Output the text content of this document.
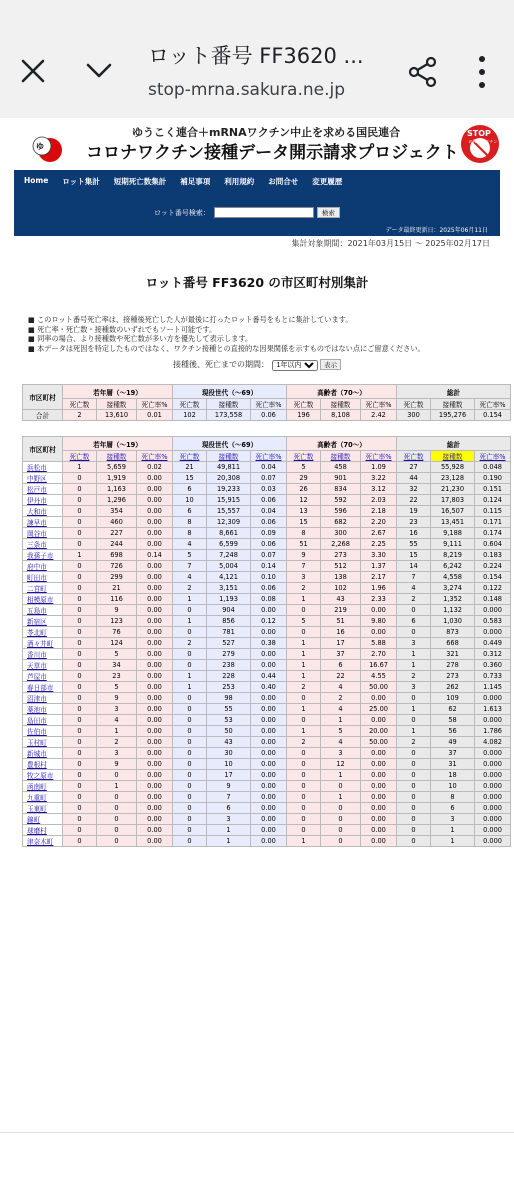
ロット番号 FF3620 ...
stop-mrna.sakura.ne.jp
ゆ
ゆうこく連合＋mRNAワクチン中止を求める国民連合
コロナワクチン接種データ開示請求プロジェクト
STOP
mRNAワクチン
Home ロット集計 短期死亡数集計 補足事項 利用規約 お問合せ 変更履歴
ロット番号検索：	検索
データ最終更新日：2025年06月11日
集計対象期間：2021年03月15日 〜 2025年02月17日
ロット番号 FF3620 の市区町村別集計
■ このロット番号死亡率は、接種後死亡した人が最後に打ったロット番号をもとに集計しています。
■ 死亡率・死亡数・接種数のいずれでもソート可能です。
■ 同率の場合、より接種数や死亡数が多い方を優先して表示します。
■ 本データは死因を特定したものではなく、ワクチン接種との直接的な因果関係を示すものではない点にご留意ください。
接種後、死亡までの期間：
1年以内	表示
市区町村	若年層（〜19）			現役世代（〜69）			高齢者（70〜）			総計		
	死亡数	接種数	死亡率%	死亡数	接種数	死亡率%	死亡数	接種数	死亡率%	死亡数	接種数	死亡率%
合計	2	13,610	0.01	102	173,558	0.06	196	8,108	2.42	300	195,276	0.154
市区町村	若年層（〜19）			現役世代（〜69）			高齢者（70〜）			総計		
	死亡数	接種数	死亡率%	死亡数	接種数	死亡率%	死亡数	接種数	死亡率%	死亡数	接種数	死亡率%
浜松市	1	5,659	0.02	21	49,811	0.04	5	458	1.09	27	55,928	0.048
中野区	0	1,919	0.00	15	20,308	0.07	29	901	3.22	44	23,128	0.190
松戸市	0	1,163	0.00	6	19,233	0.03	26	834	3.12	32	21,230	0.151
伊丹市	0	1,296	0.00	10	15,915	0.06	12	592	2.03	22	17,803	0.124
大和市	0	354	0.00	6	15,557	0.04	13	596	2.18	19	16,507	0.115
諫早市	0	460	0.00	8	12,309	0.06	15	682	2.20	23	13,451	0.171
岡谷市	0	227	0.00	8	8,661	0.09	8	300	2.67	16	9,188	0.174
三条市	0	244	0.00	4	6,599	0.06	51	2,268	2.25	55	9,111	0.604
我孫子市	1	698	0.14	5	7,248	0.07	9	273	3.30	15	8,219	0.183
府中市	0	726	0.00	7	5,004	0.14	7	512	1.37	14	6,242	0.224
町田市	0	299	0.00	4	4,121	0.10	3	138	2.17	7	4,558	0.154
二宮町	0	21	0.00	2	3,151	0.06	2	102	1.96	4	3,274	0.122
相模原市	0	116	0.00	1	1,193	0.08	1	43	2.33	2	1,352	0.148
五島市	0	9	0.00	0	904	0.00	0	219	0.00	0	1,132	0.000
新宿区	0	123	0.00	1	856	0.12	5	51	9.80	6	1,030	0.583
苓北町	0	76	0.00	0	781	0.00	0	16	0.00	0	873	0.000
酒々井町	0	124	0.00	2	527	0.38	1	17	5.88	3	668	0.449
香川市	0	5	0.00	0	279	0.00	1	37	2.70	1	321	0.312
天草市	0	34	0.00	0	238	0.00	1	6	16.67	1	278	0.360
芦屋市	0	23	0.00	1	228	0.44	1	22	4.55	2	273	0.733
春日部市	0	5	0.00	1	253	0.40	2	4	50.00	3	262	1.145
沼津市	0	9	0.00	0	98	0.00	0	2	0.00	0	109	0.000
薬池市	0	3	0.00	0	55	0.00	1	4	25.00	1	62	1.613
島田市	0	4	0.00	0	53	0.00	0	1	0.00	0	58	0.000
佐伯市	0	1	0.00	0	50	0.00	1	5	20.00	1	56	1.786
玉村町	0	2	0.00	0	43	0.00	2	4	50.00	2	49	4.082
新城市	0	3	0.00	0	30	0.00	0	3	0.00	0	37	0.000
豊根村	0	9	0.00	0	10	0.00	0	12	0.00	0	31	0.000
牧之原市	0	0	0.00	0	17	0.00	0	1	0.00	0	18	0.000
函南町	0	1	0.00	0	9	0.00	0	0	0.00	0	10	0.000
九重町	0	0	0.00	0	7	0.00	0	1	0.00	0	8	0.000
玉東町	0	0	0.00	0	6	0.00	0	0	0.00	0	6	0.000
錦町	0	0	0.00	0	3	0.00	0	0	0.00	0	3	0.000
球磨村	0	0	0.00	0	1	0.00	0	0	0.00	0	1	0.000
津奈木町	0	0	0.00	0	1	0.00	1	0	0.00	0	1	0.000
